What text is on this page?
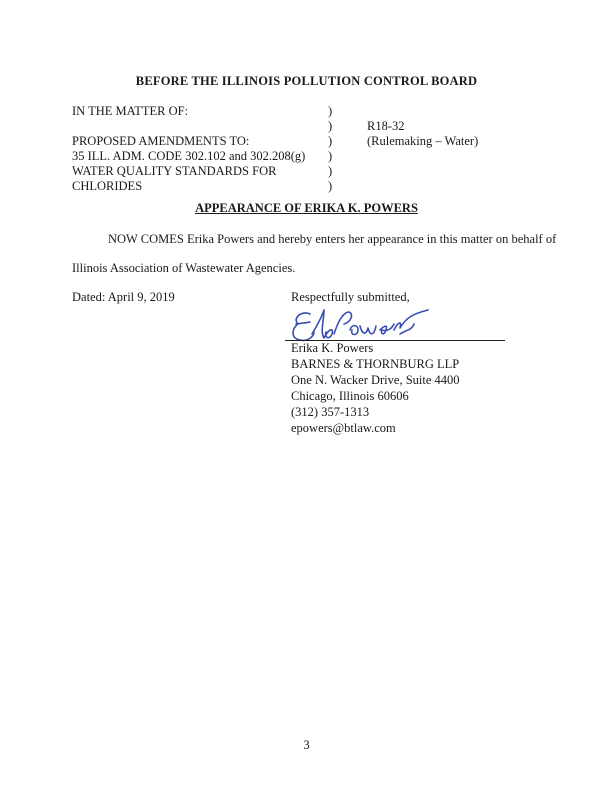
BEFORE THE ILLINOIS POLLUTION CONTROL BOARD
IN THE MATTER OF:
PROPOSED AMENDMENTS TO:
35 ILL. ADM. CODE 302.102 and 302.208(g)
WATER QUALITY STANDARDS FOR
CHLORIDES
)
)
)
)
)
)
R18-32
(Rulemaking – Water)
APPEARANCE OF ERIKA K. POWERS
NOW COMES Erika Powers and hereby enters her appearance in this matter on behalf of
Illinois Association of Wastewater Agencies.
Dated: April 9, 2019	Respectfully submitted,
Erika K. Powers
BARNES & THORNBURG LLP
One N. Wacker Drive, Suite 4400
Chicago, Illinois 60606
(312) 357-1313
epowers@btlaw.com
3
